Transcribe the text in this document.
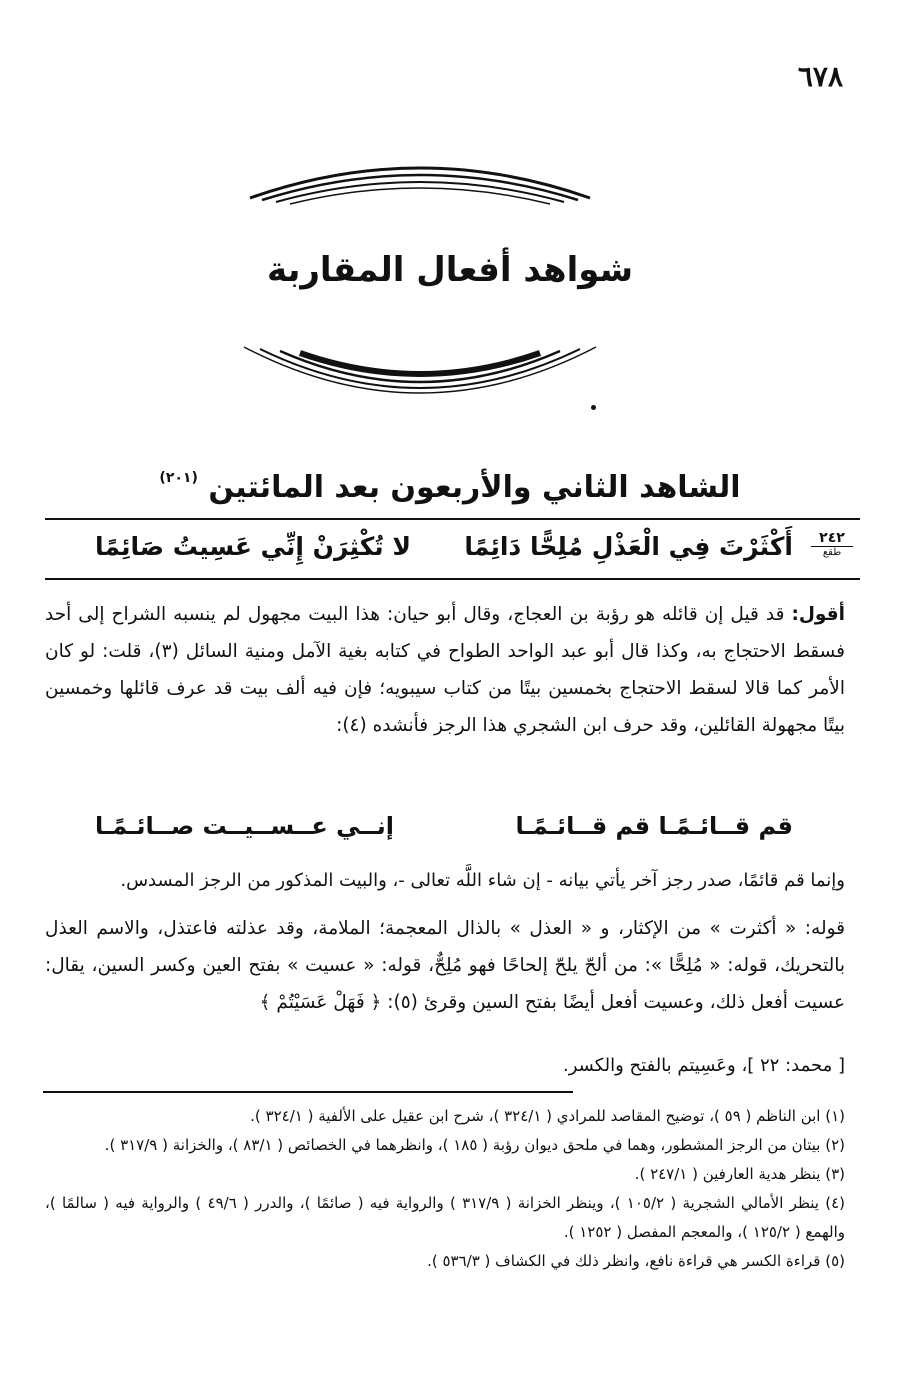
٦٧٨
شواهد أفعال المقاربة
الشاهد الثاني والأربعون بعد المائتين $^{(٢٠١)}$
٢٤٢
طقع
أَكْثَرْتَ فِي الْعَذْلِ مُلِحًّا دَائِمًا
لا تُكْثِرَنْ إِنِّي عَسِيتُ صَائِمًا
أقول: قد قيل إن قائله هو رؤبة بن العجاج، وقال أبو حيان: هذا البيت مجهول لم ينسبه الشراح إلى أحد فسقط الاحتجاج به، وكذا قال أبو عبد الواحد الطواح في كتابه بغية الآمل ومنية السائل (٣)، قلت: لو كان الأمر كما قالا لسقط الاحتجاج بخمسين بيتًا من كتاب سيبويه؛ فإن فيه ألف بيت قد عرف قائلها وخمسين بيتًا مجهولة القائلين، وقد حرف ابن الشجري هذا الرجز فأنشده (٤):
قم قــائـمًـا قم قــائـمًـا
إنــي عــســيــت صــائـمًـا
وإنما قم قائمًا، صدر رجز آخر يأتي بيانه - إن شاء اللَّه تعالى -، والبيت المذكور من الرجز المسدس.
قوله: « أكثرت » من الإكثار، و « العذل » بالذال المعجمة؛ الملامة، وقد عذلته فاعتذل، والاسم العذل بالتحريك، قوله: « مُلِحًّا »: من ألحّ يلحّ إلحاحًا فهو مُلِحٌّ، قوله: « عسيت » بفتح العين وكسر السين، يقال: عسيت أفعل ذلك، وعسيت أفعل أيضًا بفتح السين وقرئ (٥): ﴿ فَهَلْ عَسَيْتُمْ ﴾
[ محمد: ٢٢ ]، وعَسِيتم بالفتح والكسر.

(١) ابن الناظم ( ٥٩ )، توضيح المقاصد للمرادي ( ٣٢٤/١ )، شرح ابن عقيل على الألفية ( ٣٢٤/١ ).

(٢) بيتان من الرجز المشطور، وهما في ملحق ديوان رؤبة ( ١٨٥ )، وانظرهما في الخصائص ( ٨٣/١ )، والخزانة ( ٣١٧/٩ ).

(٣) ينظر هدية العارفين ( ٢٤٧/١ ).

(٤) ينظر الأمالي الشجرية ( ١٠٥/٢ )، وينظر الخزانة ( ٣١٧/٩ ) والرواية فيه ( صائمًا )، والدرر ( ٤٩/٦ ) والرواية فيه ( سالمًا )، والهمع ( ١٢٥/٢ )، والمعجم المفصل ( ١٢٥٢ ).

(٥) قراءة الكسر هي قراءة نافع، وانظر ذلك في الكشاف ( ٥٣٦/٣ ).
